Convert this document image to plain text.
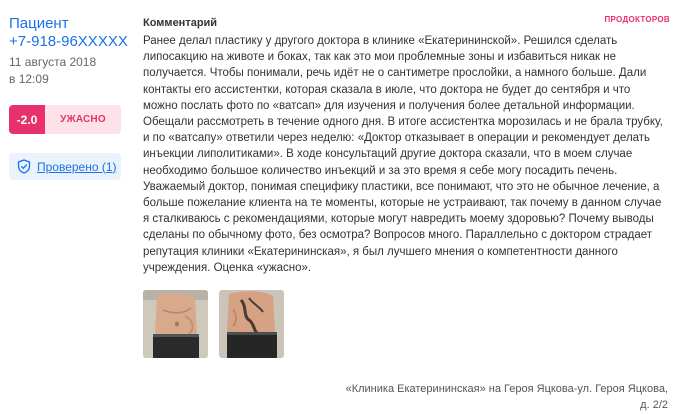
Пациент
+7-918-96XXXXX
11 августа 2018
в 12:09
-2.0	УЖАСНО
Проверено (1)
ПРОДОКТОРОВ
Комментарий
Ранее делал пластику у другого доктора в клинике «Екатерининской». Решился сделать липосакцию на животе и боках, так как это мои проблемные зоны и избавиться никак не получается. Чтобы понимали, речь идёт не о сантиметре прослойки, а намного больше. Дали контакты его ассистентки, которая сказала в июле, что доктора не будет до сентября и что можно послать фото по «ватсап» для изучения и получения более детальной информации. Обещали рассмотреть в течение одного дня. В итоге ассистентка морозилась и не брала трубку, и по «ватсапу» ответили через неделю: «Доктор отказывает в операции и рекомендует делать инъекции липолитиками». В ходе консультаций другие доктора сказали, что в моем случае необходимо большое количество инъекций и за это время я себе могу посадить печень. Уважаемый доктор, понимая специфику пластики, все понимают, что это не обычное лечение, а больше пожелание клиента на те моменты, которые не устраивают, так почему в данном случае я сталкиваюсь с рекомендациями, которые могут навредить моему здоровью? Почему выводы сделаны по обычному фото, без осмотра? Вопросов много. Параллельно с доктором страдает репутация клиники «Екатерининская», я был лучшего мнения о компетентности данного учреждения. Оценка «ужасно».
«Клиника Екатерининская» на Героя Яцкова-ул. Героя Яцкова,
д. 2/2
